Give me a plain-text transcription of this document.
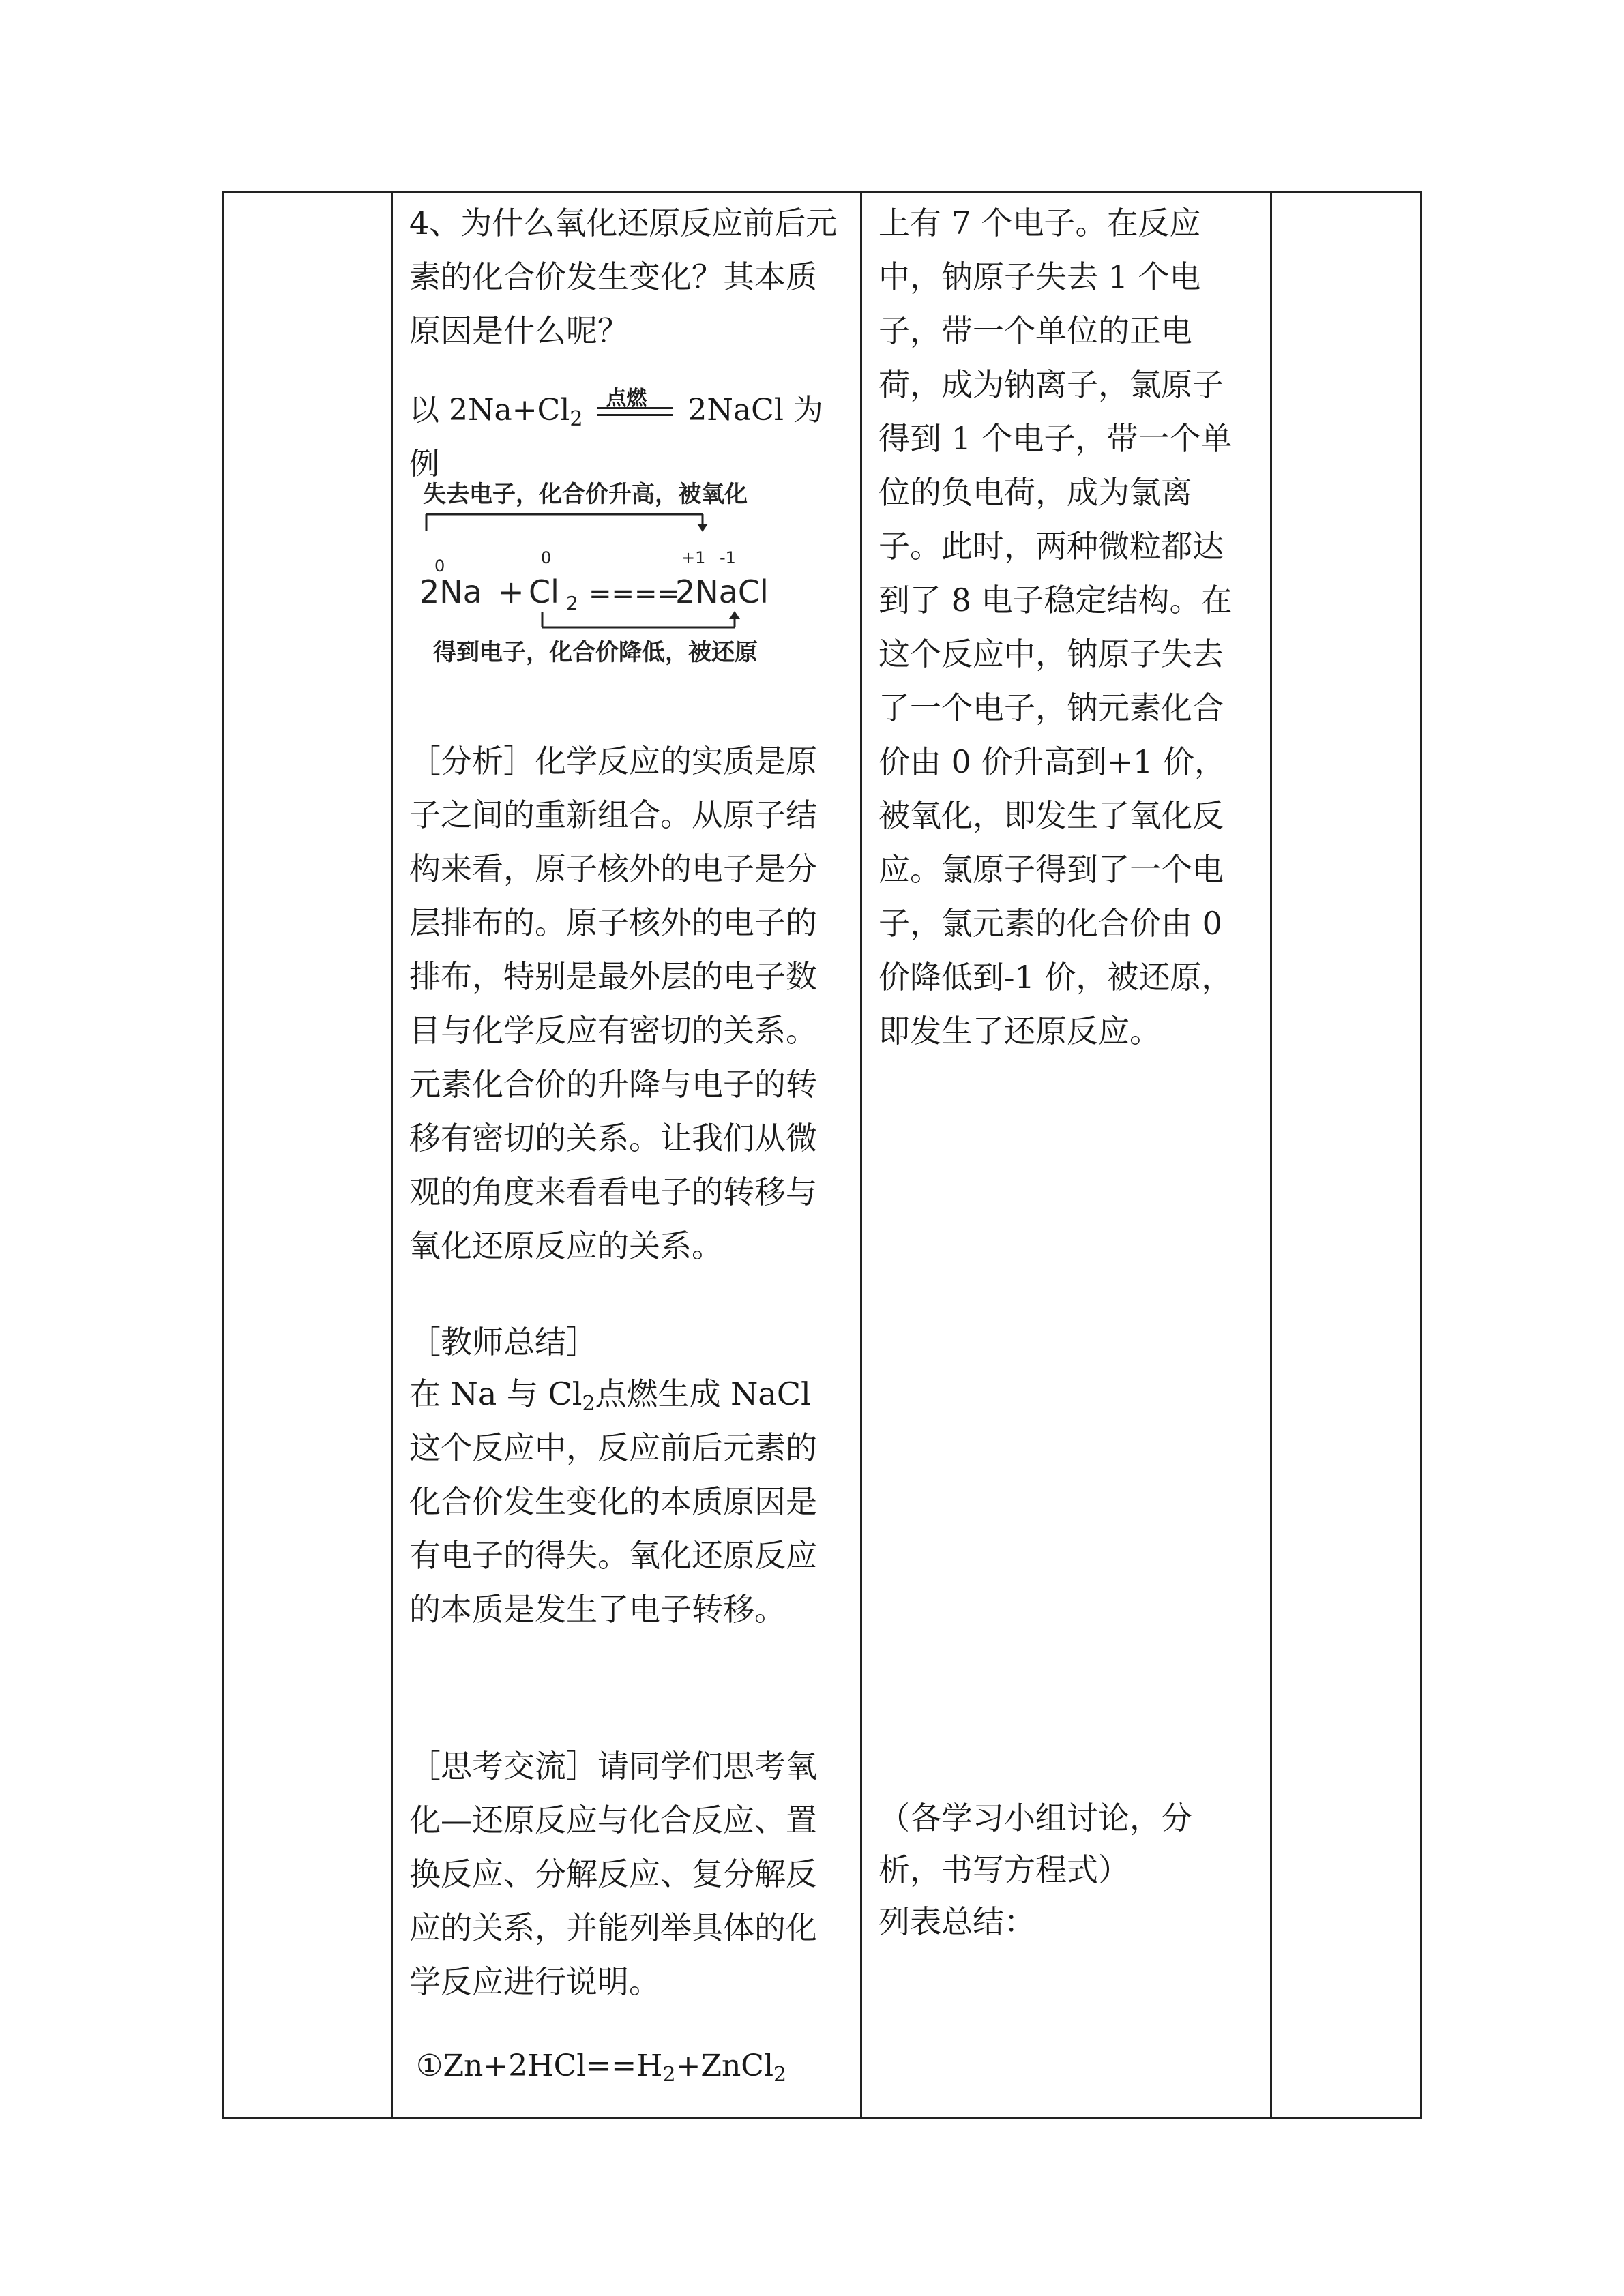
4、为什么氧化还原反应前后元素的化合价发生变化？其本质原因是什么呢？

以 $2Na+Cl_2$
点燃 2NaCl 为例
失去电子，化合价升高，被氧化
0	0	+1 -1
2Na + Cl 2 ====
2NaCl
得到电子，化合价降低，被还原

［分析］化学反应的实质是原子之间的重新组合。从原子结构来看，原子核外的电子是分层排布的。原子核外的电子的排布，特别是最外层的电子数目与化学反应有密切的关系。元素化合价的升降与电子的转移有密切的关系。让我们从微观的角度来看看电子的转移与氧化还原反应的关系。

［教师总结］

在 Na 与 $Cl_2$点燃生成 NaCl 这个反应中，反应前后元素的化合价发生变化的本质原因是有电子的得失。氧化还原反应的本质是发生了电子转移。

［思考交流］请同学们思考氧化—还原反应与化合反应、置换反应、分解反应、复分解反应的关系，并能列举具体的化学反应进行说明。

$①Zn+2HCl==H_2+ZnCl_2$

上有 7 个电子。在反应中，钠原子失去 1 个电子，带一个单位的正电荷，成为钠离子，氯原子得到 1 个电子，带一个单位的负电荷，成为氯离子。此时，两种微粒都达到了 8 电子稳定结构。在这个反应中，钠原子失去了一个电子，钠元素化合价由 0 价升高到+1 价，被氧化，即发生了氧化反应。氯原子得到了一个电子，氯元素的化合价由 0 价降低到-1 价，被还原，即发生了还原反应。

（各学习小组讨论，分析，书写方程式）

列表总结：
